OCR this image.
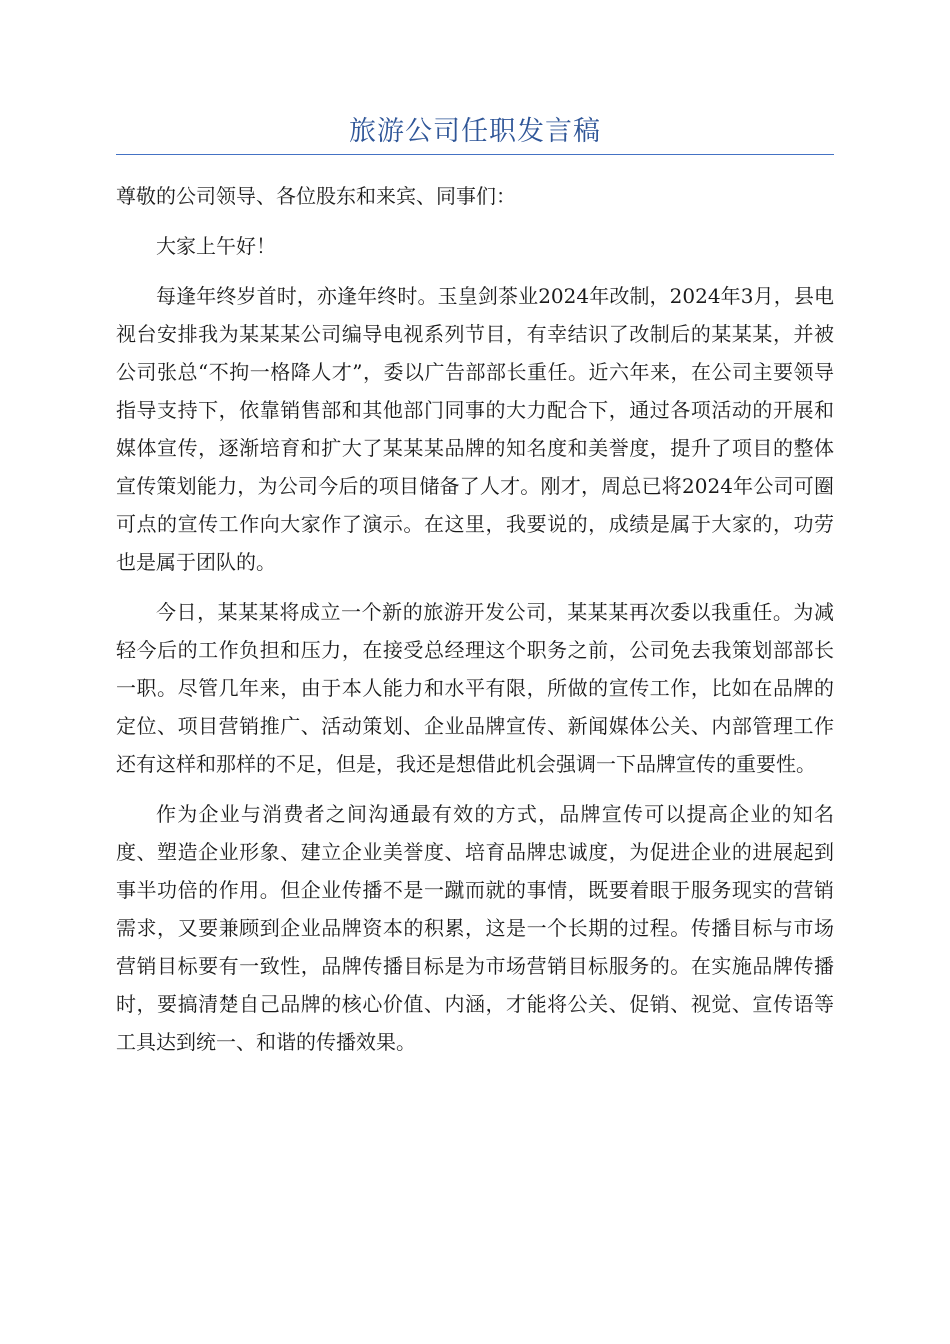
旅游公司任职发言稿

尊敬的公司领导、各位股东和来宾、同事们：

大家上午好！

每逢年终岁首时，亦逢年终时。玉皇剑茶业2024年改制，2024年3月，县电视台安排我为某某某公司编导电视系列节目，有幸结识了改制后的某某某，并被公司张总“不拘一格降人才”，委以广告部部长重任。近六年来，在公司主要领导指导支持下，依靠销售部和其他部门同事的大力配合下，通过各项活动的开展和媒体宣传，逐渐培育和扩大了某某某品牌的知名度和美誉度，提升了项目的整体宣传策划能力，为公司今后的项目储备了人才。刚才，周总已将2024年公司可圈可点的宣传工作向大家作了演示。在这里，我要说的，成绩是属于大家的，功劳也是属于团队的。

今日，某某某将成立一个新的旅游开发公司，某某某再次委以我重任。为减轻今后的工作负担和压力，在接受总经理这个职务之前，公司免去我策划部部长一职。尽管几年来，由于本人能力和水平有限，所做的宣传工作，比如在品牌的定位、项目营销推广、活动策划、企业品牌宣传、新闻媒体公关、内部管理工作还有这样和那样的不足，但是，我还是想借此机会强调一下品牌宣传的重要性。

作为企业与消费者之间沟通最有效的方式，品牌宣传可以提高企业的知名度、塑造企业形象、建立企业美誉度、培育品牌忠诚度，为促进企业的进展起到事半功倍的作用。但企业传播不是一蹴而就的事情，既要着眼于服务现实的营销需求，又要兼顾到企业品牌资本的积累，这是一个长期的过程。传播目标与市场营销目标要有一致性，品牌传播目标是为市场营销目标服务的。在实施品牌传播时，要搞清楚自己品牌的核心价值、内涵，才能将公关、促销、视觉、宣传语等工具达到统一、和谐的传播效果。
